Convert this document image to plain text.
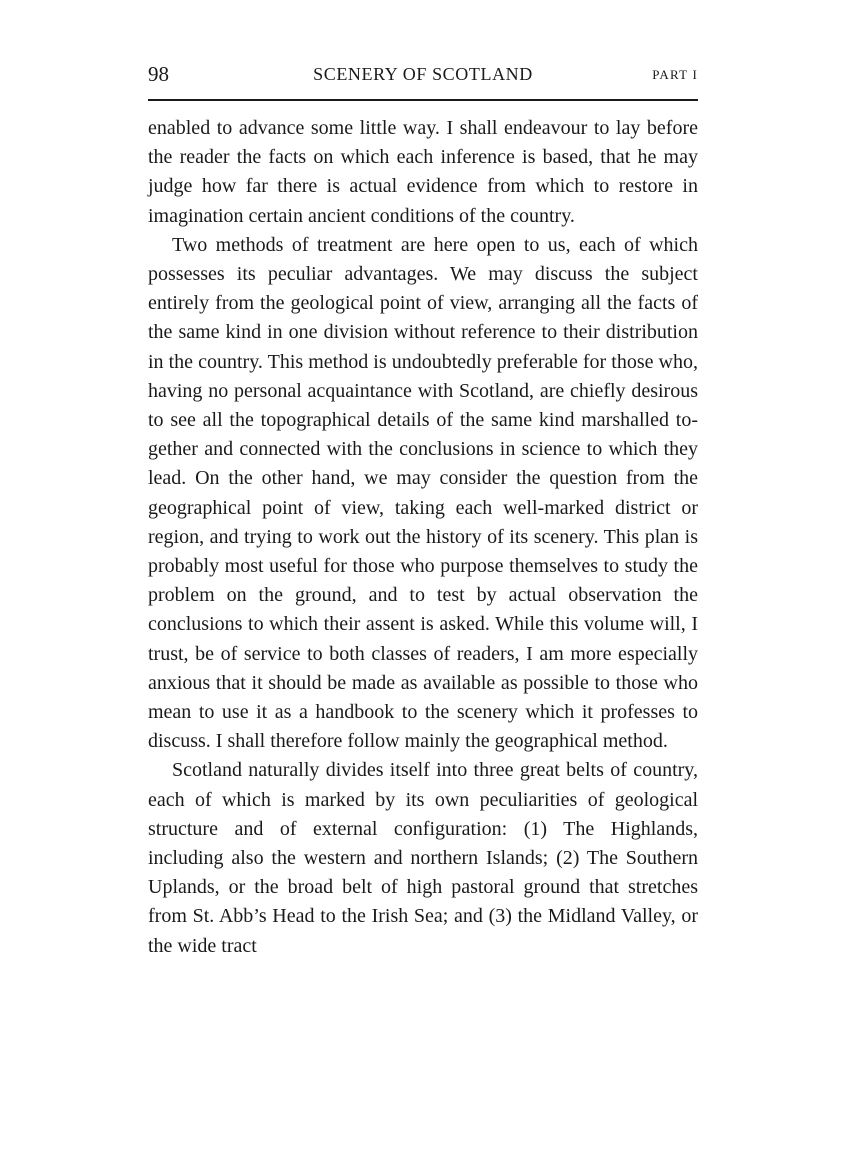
98	SCENERY OF SCOTLAND	PART I

enabled to advance some little way. I shall endeavour to lay before the reader the facts on which each inference is based, that he may judge how far there is actual evidence from which to restore in imagination certain ancient conditions of the country.

Two methods of treatment are here open to us, each of which possesses its peculiar advantages. We may discuss the subject entirely from the geological point of view, arranging all the facts of the same kind in one division without reference to their distribution in the country. This method is undoubtedly preferable for those who, having no personal acquaintance with Scotland, are chiefly desirous to see all the topographical details of the same kind marshalled together and connected with the conclusions in science to which they lead. On the other hand, we may consider the question from the geographical point of view, taking each well-marked district or region, and trying to work out the history of its scenery. This plan is probably most useful for those who purpose themselves to study the problem on the ground, and to test by actual observation the conclusions to which their assent is asked. While this volume will, I trust, be of service to both classes of readers, I am more especially anxious that it should be made as available as possible to those who mean to use it as a handbook to the scenery which it professes to discuss. I shall therefore follow mainly the geographical method.

Scotland naturally divides itself into three great belts of country, each of which is marked by its own peculiarities of geological structure and of external configuration: (1) The Highlands, including also the western and northern Islands; (2) The Southern Uplands, or the broad belt of high pastoral ground that stretches from St. Abb’s Head to the Irish Sea; and (3) the Midland Valley, or the wide tract
